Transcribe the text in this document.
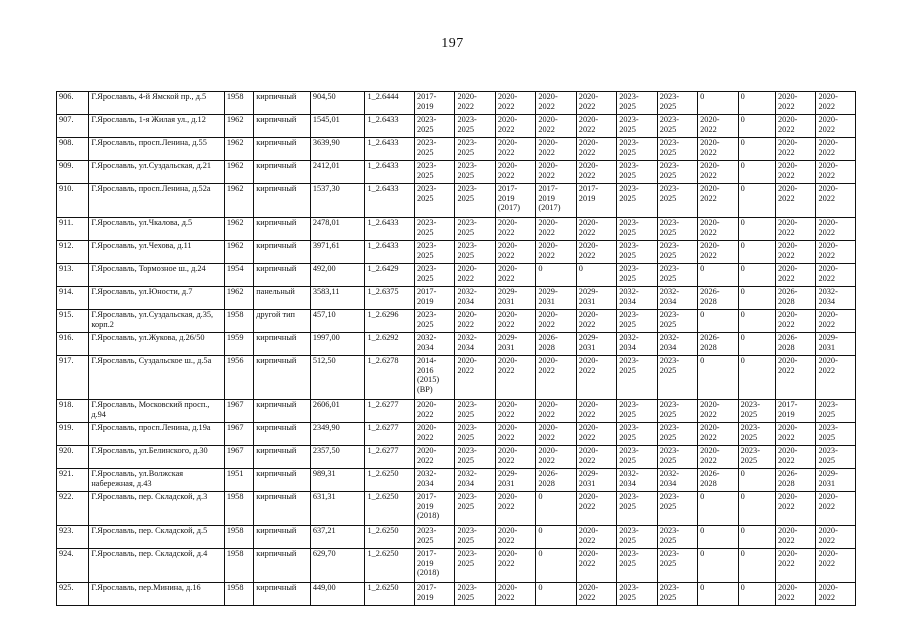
197
906.	Г.Ярославль, 4-й Ямской пр., д.5	1958	кирпичный	904,50	1_2.6444	2017-2019	2020-2022	2020-2022	2020-2022	2020-2022	2023-2025	2023-2025	0	0	2020-2022	2020-2022
907.	Г.Ярославль, 1-я Жилая ул., д.12	1962	кирпичный	1545,01	1_2.6433	2023-2025	2023-2025	2020-2022	2020-2022	2020-2022	2023-2025	2023-2025	2020-2022	0	2020-2022	2020-2022
908.	Г.Ярославль, просп.Ленина, д.55	1962	кирпичный	3639,90	1_2.6433	2023-2025	2023-2025	2020-2022	2020-2022	2020-2022	2023-2025	2023-2025	2020-2022	0	2020-2022	2020-2022
909.	Г.Ярославль, ул.Суздальская, д.21	1962	кирпичный	2412,01	1_2.6433	2023-2025	2023-2025	2020-2022	2020-2022	2020-2022	2023-2025	2023-2025	2020-2022	0	2020-2022	2020-2022
910.	Г.Ярославль, просп.Ленина, д.52а	1962	кирпичный	1537,30	1_2.6433	2023-2025	2023-2025	2017-2019 (2017)	2017-2019 (2017)	2017-2019	2023-2025	2023-2025	2020-2022	0	2020-2022	2020-2022
911.	Г.Ярославль, ул.Чкалова, д.5	1962	кирпичный	2478,01	1_2.6433	2023-2025	2023-2025	2020-2022	2020-2022	2020-2022	2023-2025	2023-2025	2020-2022	0	2020-2022	2020-2022
912.	Г.Ярославль, ул.Чехова, д.11	1962	кирпичный	3971,61	1_2.6433	2023-2025	2023-2025	2020-2022	2020-2022	2020-2022	2023-2025	2023-2025	2020-2022	0	2020-2022	2020-2022
913.	Г.Ярославль, Тормозное ш., д.24	1954	кирпичный	492,00	1_2.6429	2023-2025	2020-2022	2020-2022	0	0	2023-2025	2023-2025	0	0	2020-2022	2020-2022
914.	Г.Ярославль, ул.Юности, д.7	1962	панельный	3583,11	1_2.6375	2017-2019	2032-2034	2029-2031	2029-2031	2029-2031	2032-2034	2032-2034	2026-2028	0	2026-2028	2032-2034
915.	Г.Ярославль, ул.Суздальская, д.35, корп.2	1958	другой тип	457,10	1_2.6296	2023-2025	2020-2022	2020-2022	2020-2022	2020-2022	2023-2025	2023-2025	0	0	2020-2022	2020-2022
916.	Г.Ярославль, ул.Жукова, д.26/50	1959	кирпичный	1997,00	1_2.6292	2032-2034	2032-2034	2029-2031	2026-2028	2029-2031	2032-2034	2032-2034	2026-2028	0	2026-2028	2029-2031
917.	Г.Ярославль, Суздальское ш., д.5а	1956	кирпичный	512,50	1_2.6278	2014-2016 (2015) (ВР)	2020-2022	2020-2022	2020-2022	2020-2022	2023-2025	2023-2025	0	0	2020-2022	2020-2022
918.	Г.Ярославль, Московский просп., д.94	1967	кирпичный	2606,01	1_2.6277	2020-2022	2023-2025	2020-2022	2020-2022	2020-2022	2023-2025	2023-2025	2020-2022	2023-2025	2017-2019	2023-2025
919.	Г.Ярославль, просп.Ленина, д.19а	1967	кирпичный	2349,90	1_2.6277	2020-2022	2023-2025	2020-2022	2020-2022	2020-2022	2023-2025	2023-2025	2020-2022	2023-2025	2020-2022	2023-2025
920.	Г.Ярославль, ул.Белинского, д.30	1967	кирпичный	2357,50	1_2.6277	2020-2022	2023-2025	2020-2022	2020-2022	2020-2022	2023-2025	2023-2025	2020-2022	2023-2025	2020-2022	2023-2025
921.	Г.Ярославль, ул.Волжская набережная, д.43	1951	кирпичный	989,31	1_2.6250	2032-2034	2032-2034	2029-2031	2026-2028	2029-2031	2032-2034	2032-2034	2026-2028	0	2026-2028	2029-2031
922.	Г.Ярославль, пер. Складской, д.3	1958	кирпичный	631,31	1_2.6250	2017-2019 (2018)	2023-2025	2020-2022	0	2020-2022	2023-2025	2023-2025	0	0	2020-2022	2020-2022
923.	Г.Ярославль, пер. Складской, д.5	1958	кирпичный	637,21	1_2.6250	2023-2025	2023-2025	2020-2022	0	2020-2022	2023-2025	2023-2025	0	0	2020-2022	2020-2022
924.	Г.Ярославль, пер. Складской, д.4	1958	кирпичный	629,70	1_2.6250	2017-2019 (2018)	2023-2025	2020-2022	0	2020-2022	2023-2025	2023-2025	0	0	2020-2022	2020-2022
925.	Г.Ярославль, пер.Минина, д.16	1958	кирпичный	449,00	1_2.6250	2017-2019	2023-2025	2020-2022	0	2020-2022	2023-2025	2023-2025	0	0	2020-2022	2020-2022
